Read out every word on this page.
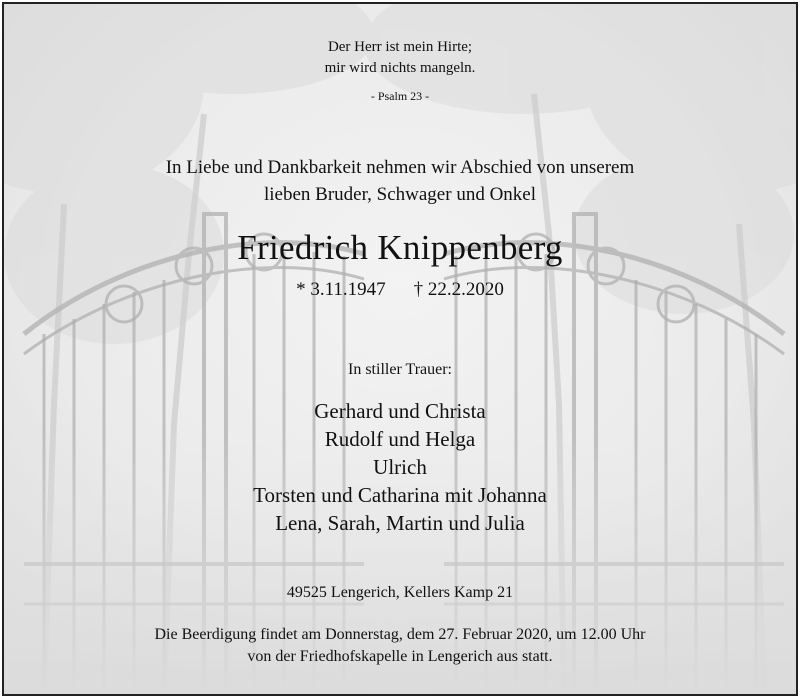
Der Herr ist mein Hirte;
mir wird nichts mangeln.
- Psalm 23 -
In Liebe und Dankbarkeit nehmen wir Abschied von unserem
lieben Bruder, Schwager und Onkel
Friedrich Knippenberg
* 3.11.1947 † 22.2.2020
In stiller Trauer:
Gerhard und Christa
Rudolf und Helga
Ulrich
Torsten und Catharina mit Johanna
Lena, Sarah, Martin und Julia
49525 Lengerich, Kellers Kamp 21
Die Beerdigung findet am Donnerstag, dem 27. Februar 2020, um 12.00 Uhr
von der Friedhofskapelle in Lengerich aus statt.
